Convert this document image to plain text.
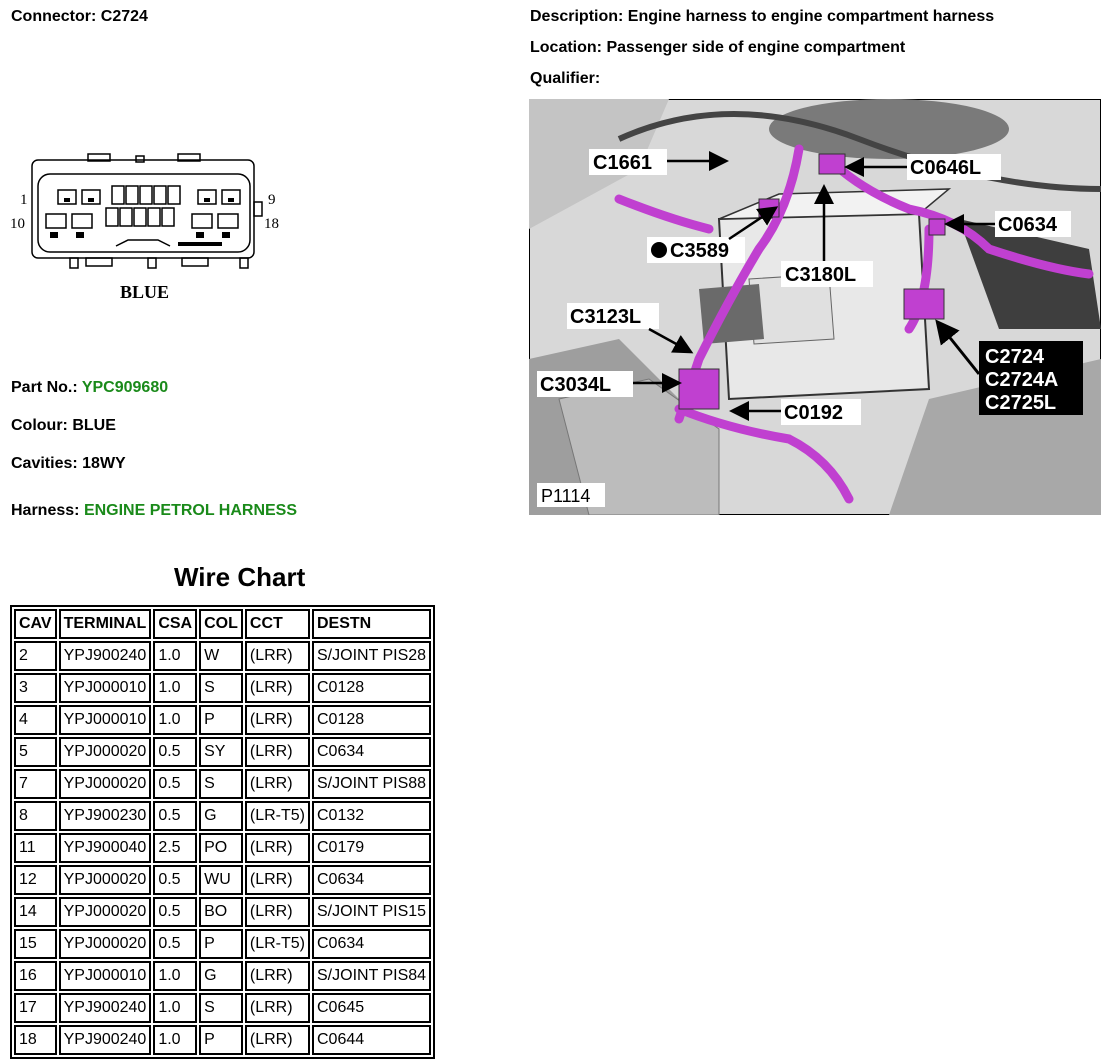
Connector: C2724	Description: Engine harness to engine compartment harness
Location: Passenger side of engine compartment
Qualifier:
1	9
10	18
BLUE
Part No.: YPC909680
Colour: BLUE
Cavities: 18WY
Harness: ENGINE PETROL HARNESS
C1661	C0646L
C0634
C3589
C3180L
C3123L
C3034L
C0192
C2724
C2724A
C2725L
P1114
Wire Chart
CAV	TERMINAL	CSA	COL	CCT	DESTN
2	YPJ900240	1.0	W	(LRR)	S/JOINT PIS28
3	YPJ000010	1.0	S	(LRR)	C0128
4	YPJ000010	1.0	P	(LRR)	C0128
5	YPJ000020	0.5	SY	(LRR)	C0634
7	YPJ000020	0.5	S	(LRR)	S/JOINT PIS88
8	YPJ900230	0.5	G	(LR-T5)	C0132
11	YPJ900040	2.5	PO	(LRR)	C0179
12	YPJ000020	0.5	WU	(LRR)	C0634
14	YPJ000020	0.5	BO	(LRR)	S/JOINT PIS15
15	YPJ000020	0.5	P	(LR-T5)	C0634
16	YPJ000010	1.0	G	(LRR)	S/JOINT PIS84
17	YPJ900240	1.0	S	(LRR)	C0645
18	YPJ900240	1.0	P	(LRR)	C0644
